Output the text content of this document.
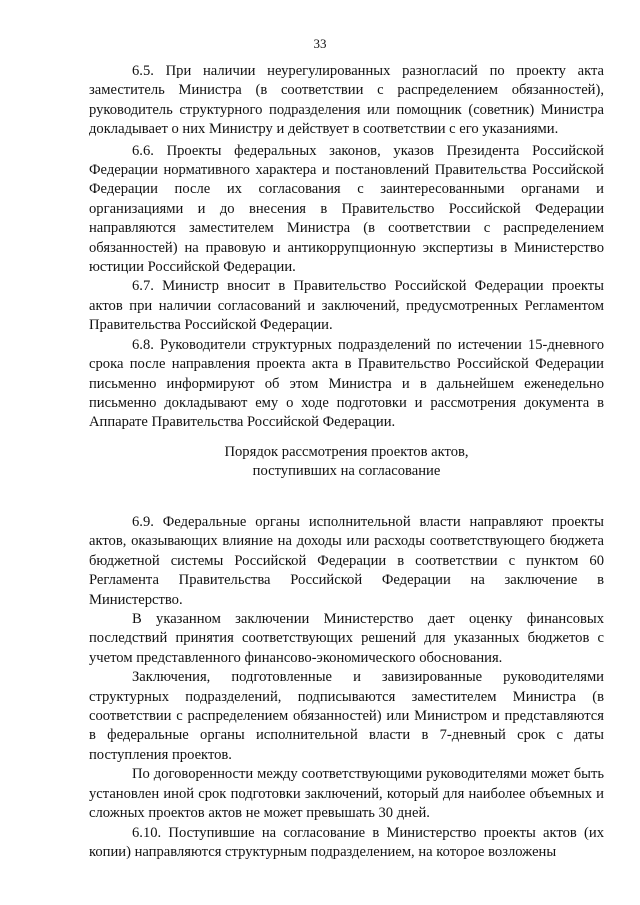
33

6.5. При наличии неурегулированных разногласий по проекту акта заместитель Министра (в соответствии с распределением обязанностей), руководитель структурного подразделения или помощник (советник) Министра докладывает о них Министру и действует в соответствии с его указаниями.

6.6. Проекты федеральных законов, указов Президента Российской Федерации нормативного характера и постановлений Правительства Российской Федерации после их согласования с заинтересованными органами и организациями и до внесения в Правительство Российской Федерации направляются заместителем Министра (в соответствии с распределением обязанностей) на правовую и антикоррупционную экспертизы в Министерство юстиции Российской Федерации.

6.7. Министр вносит в Правительство Российской Федерации проекты актов при наличии согласований и заключений, предусмотренных Регламентом Правительства Российской Федерации.

6.8. Руководители структурных подразделений по истечении 15-дневного срока после направления проекта акта в Правительство Российской Федерации письменно информируют об этом Министра и в дальнейшем еженедельно письменно докладывают ему о ходе подготовки и рассмотрения документа в Аппарате Правительства Российской Федерации.

Порядок рассмотрения проектов актов,
поступивших на согласование

6.9. Федеральные органы исполнительной власти направляют проекты актов, оказывающих влияние на доходы или расходы соответствующего бюджета бюджетной системы Российской Федерации в соответствии с пунктом 60 Регламента Правительства Российской Федерации на заключение в Министерство.

В указанном заключении Министерство дает оценку финансовых последствий принятия соответствующих решений для указанных бюджетов с учетом представленного финансово-экономического обоснования.

Заключения, подготовленные и завизированные руководителями структурных подразделений, подписываются заместителем Министра (в соответствии с распределением обязанностей) или Министром и представляются в федеральные органы исполнительной власти в 7-дневный срок с даты поступления проектов.

По договоренности между соответствующими руководителями может быть установлен иной срок подготовки заключений, который для наиболее объемных и сложных проектов актов не может превышать 30 дней.

6.10. Поступившие на согласование в Министерство проекты актов (их копии) направляются структурным подразделением, на которое возложены
